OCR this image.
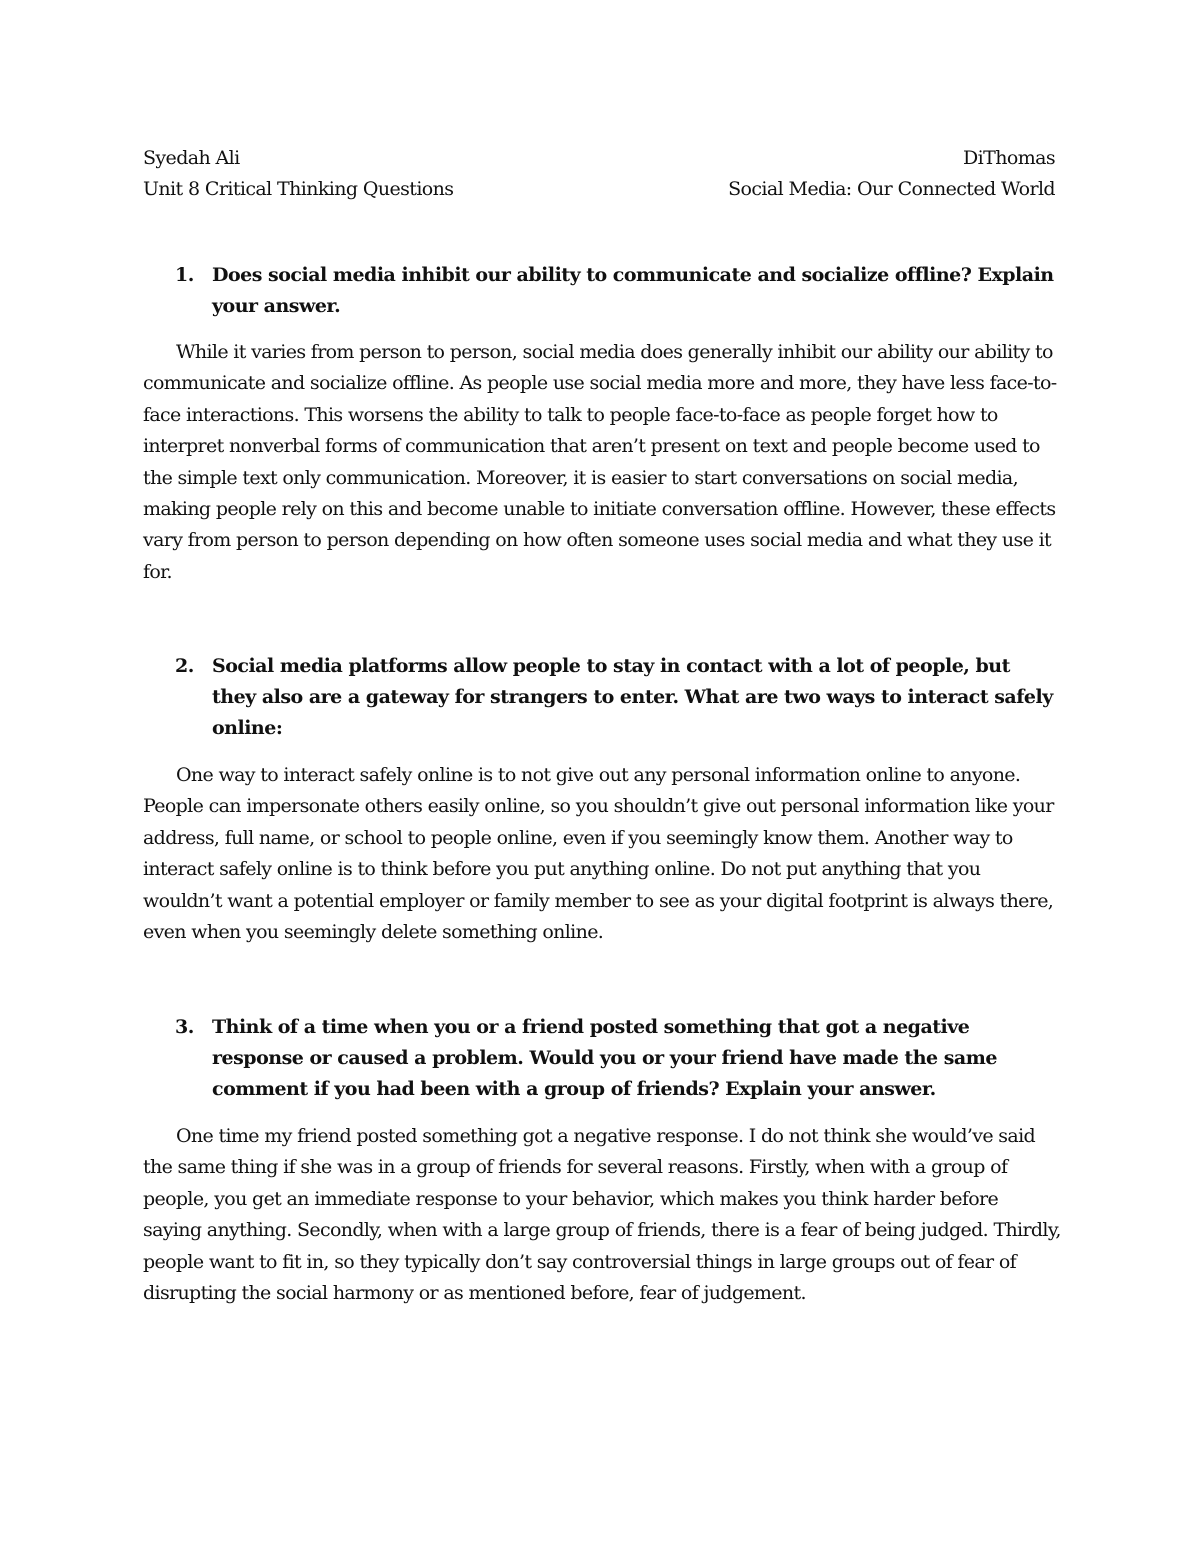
Syedah Ali	DiThomas
Unit 8 Critical Thinking Questions	Social Media: Our Connected World
1. Does social media inhibit our ability to communicate and socialize offline? Explain your answer.

While it varies from person to person, social media does generally inhibit our ability our ability to communicate and socialize offline. As people use social media more and more, they have less face-to-face interactions. This worsens the ability to talk to people face-to-face as people forget how to interpret nonverbal forms of communication that aren’t present on text and people become used to the simple text only communication. Moreover, it is easier to start conversations on social media, making people rely on this and become unable to initiate conversation offline. However, these effects vary from person to person depending on how often someone uses social media and what they use it for.

2. Social media platforms allow people to stay in contact with a lot of people, but they also are a gateway for strangers to enter. What are two ways to interact safely online:

One way to interact safely online is to not give out any personal information online to anyone. People can impersonate others easily online, so you shouldn’t give out personal information like your address, full name, or school to people online, even if you seemingly know them. Another way to interact safely online is to think before you put anything online. Do not put anything that you wouldn’t want a potential employer or family member to see as your digital footprint is always there, even when you seemingly delete something online.

3. Think of a time when you or a friend posted something that got a negative response or caused a problem. Would you or your friend have made the same comment if you had been with a group of friends? Explain your answer.

One time my friend posted something got a negative response. I do not think she would’ve said the same thing if she was in a group of friends for several reasons. Firstly, when with a group of people, you get an immediate response to your behavior, which makes you think harder before saying anything. Secondly, when with a large group of friends, there is a fear of being judged. Thirdly, people want to fit in, so they typically don’t say controversial things in large groups out of fear of disrupting the social harmony or as mentioned before, fear of judgement.
